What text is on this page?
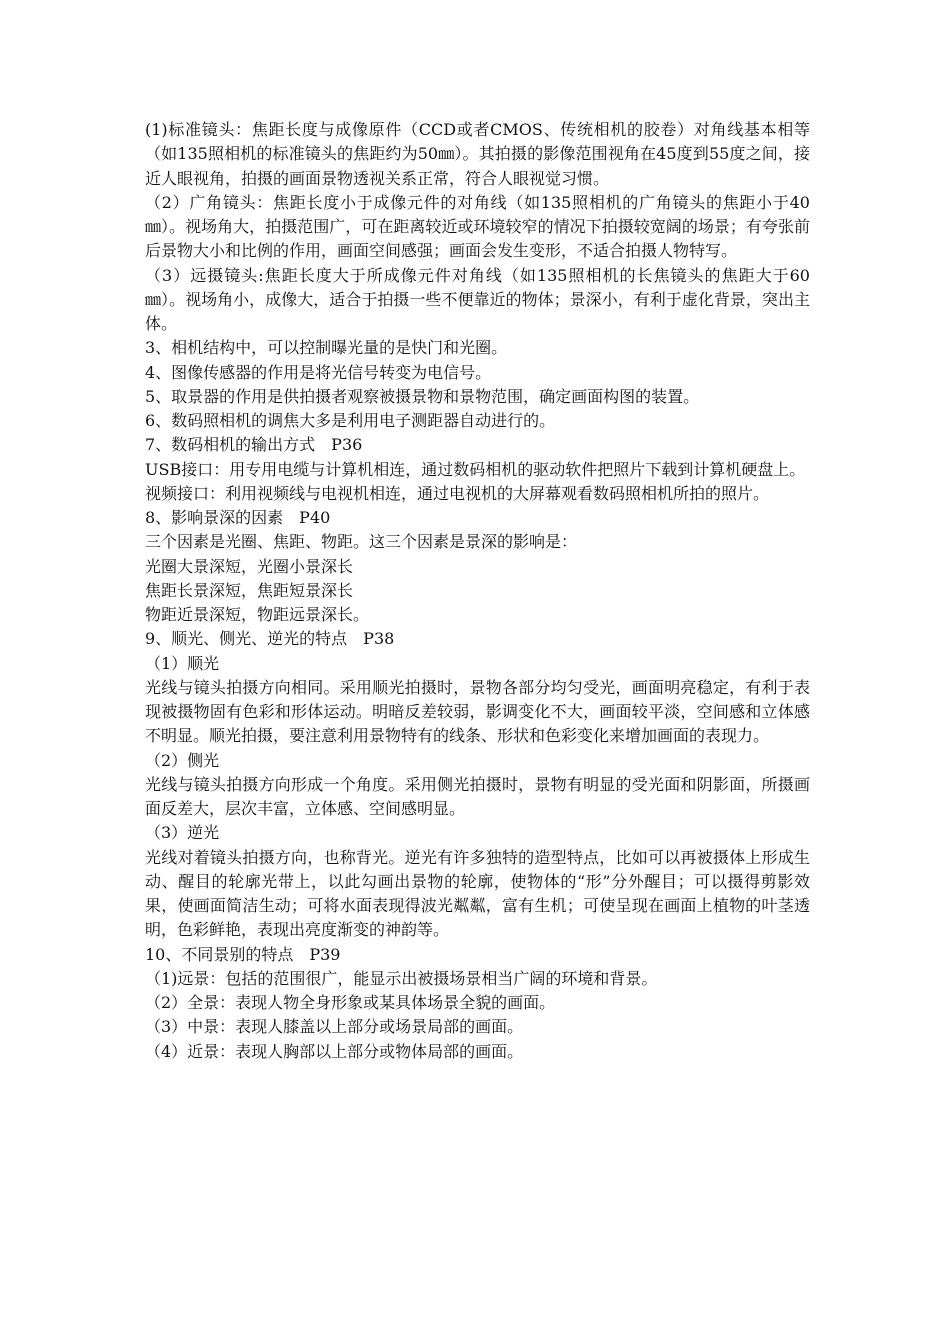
(1)标准镜头：焦距长度与成像原件（CCD或者CMOS、传统相机的胶卷）对角线基本相等（如135照相机的标准镜头的焦距约为50㎜）。其拍摄的影像范围视角在45度到55度之间，接近人眼视角，拍摄的画面景物透视关系正常，符合人眼视觉习惯。

（2）广角镜头：焦距长度小于成像元件的对角线（如135照相机的广角镜头的焦距小于40㎜）。视场角大，拍摄范围广，可在距离较近或环境较窄的情况下拍摄较宽阔的场景；有夸张前后景物大小和比例的作用，画面空间感强；画面会发生变形，不适合拍摄人物特写。

（3）远摄镜头:焦距长度大于所成像元件对角线（如135照相机的长焦镜头的焦距大于60㎜）。视场角小，成像大，适合于拍摄一些不便靠近的物体；景深小，有利于虚化背景，突出主体。

3、相机结构中，可以控制曝光量的是快门和光圈。

4、图像传感器的作用是将光信号转变为电信号。

5、取景器的作用是供拍摄者观察被摄景物和景物范围，确定画面构图的装置。

6、数码照相机的调焦大多是利用电子测距器自动进行的。

7、数码相机的输出方式　P36

USB接口：用专用电缆与计算机相连，通过数码相机的驱动软件把照片下载到计算机硬盘上。

视频接口：利用视频线与电视机相连，通过电视机的大屏幕观看数码照相机所拍的照片。

8、影响景深的因素　P40

三个因素是光圈、焦距、物距。这三个因素是景深的影响是：

光圈大景深短，光圈小景深长

焦距长景深短，焦距短景深长

物距近景深短，物距远景深长。

9、顺光、侧光、逆光的特点　P38

（1）顺光

光线与镜头拍摄方向相同。采用顺光拍摄时，景物各部分均匀受光，画面明亮稳定，有利于表现被摄物固有色彩和形体运动。明暗反差较弱，影调变化不大，画面较平淡，空间感和立体感不明显。顺光拍摄，要注意利用景物特有的线条、形状和色彩变化来增加画面的表现力。

（2）侧光

光线与镜头拍摄方向形成一个角度。采用侧光拍摄时，景物有明显的受光面和阴影面，所摄画面反差大，层次丰富，立体感、空间感明显。

（3）逆光

光线对着镜头拍摄方向，也称背光。逆光有许多独特的造型特点，比如可以再被摄体上形成生动、醒目的轮廓光带上，以此勾画出景物的轮廓，使物体的“形”分外醒目；可以摄得剪影效果，使画面简洁生动；可将水面表现得波光粼粼，富有生机；可使呈现在画面上植物的叶茎透明，色彩鲜艳，表现出亮度渐变的神韵等。

10、不同景别的特点　P39

（1)远景：包括的范围很广，能显示出被摄场景相当广阔的环境和背景。

（2）全景：表现人物全身形象或某具体场景全貌的画面。

（3）中景：表现人膝盖以上部分或场景局部的画面。

（4）近景：表现人胸部以上部分或物体局部的画面。
